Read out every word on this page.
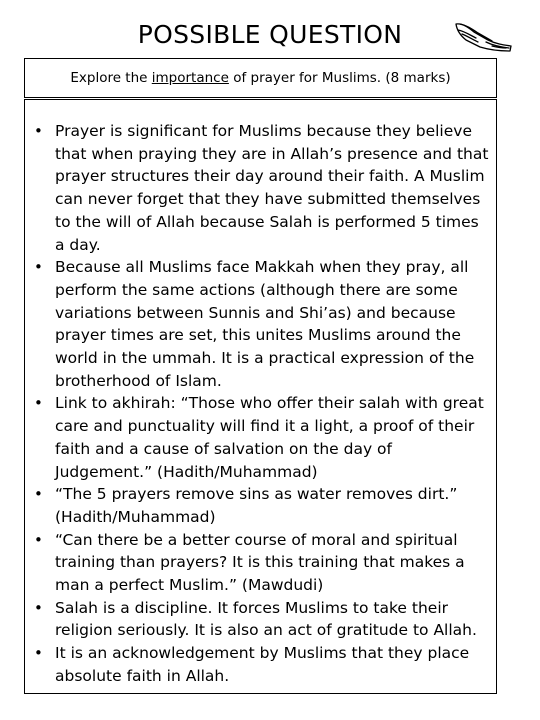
POSSIBLE QUESTION
Explore the importance of prayer for Muslims. (8 marks)
• Prayer is significant for Muslims because they believe that when praying they are in Allah’s presence and that prayer structures their day around their faith. A Muslim can never forget that they have submitted themselves to the will of Allah because Salah is performed 5 times a day.
• Because all Muslims face Makkah when they pray, all perform the same actions (although there are some variations between Sunnis and Shi’as) and because prayer times are set, this unites Muslims around the world in the ummah. It is a practical expression of the brotherhood of Islam.
• Link to akhirah: “Those who offer their salah with great care and punctuality will find it a light, a proof of their faith and a cause of salvation on the day of Judgement.” (Hadith/Muhammad)
• “The 5 prayers remove sins as water removes dirt.” (Hadith/Muhammad)
• “Can there be a better course of moral and spiritual training than prayers? It is this training that makes a man a perfect Muslim.” (Mawdudi)
• Salah is a discipline. It forces Muslims to take their religion seriously. It is also an act of gratitude to Allah.
• It is an acknowledgement by Muslims that they place absolute faith in Allah.
